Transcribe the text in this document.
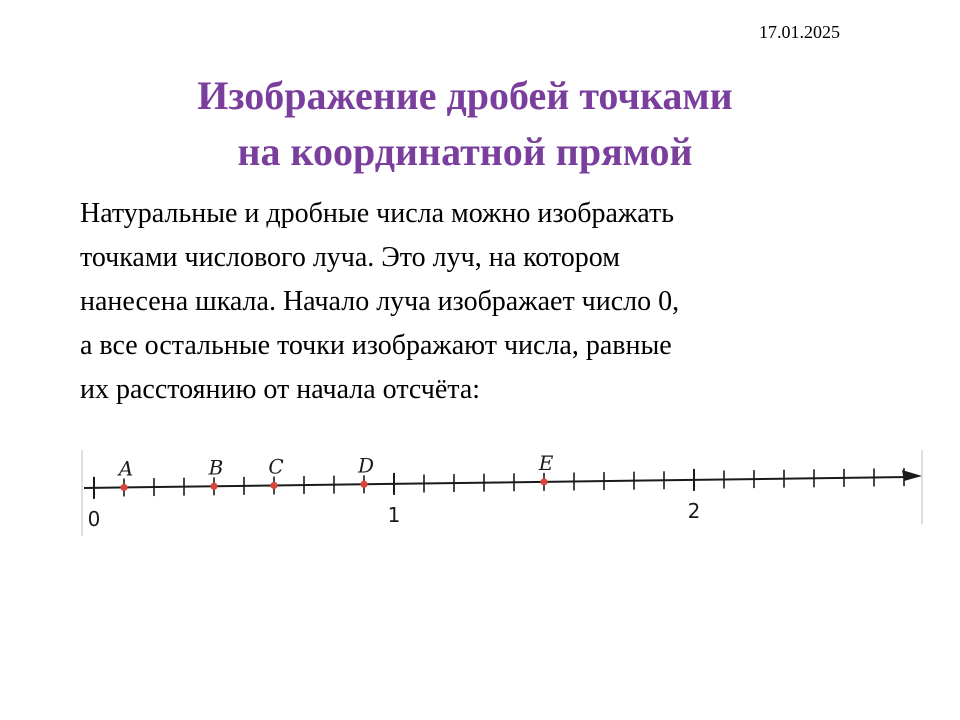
17.01.2025
Изображение дробей точками
на координатной прямой

Натуральные и дробные числа можно изображать
точками числового луча. Это луч, на котором
нанесена шкала. Начало луча изображает число 0,
а все остальные точки изображают числа, равные
их расстоянию от начала отсчёта:

0	1	2
A	B C	D	E
